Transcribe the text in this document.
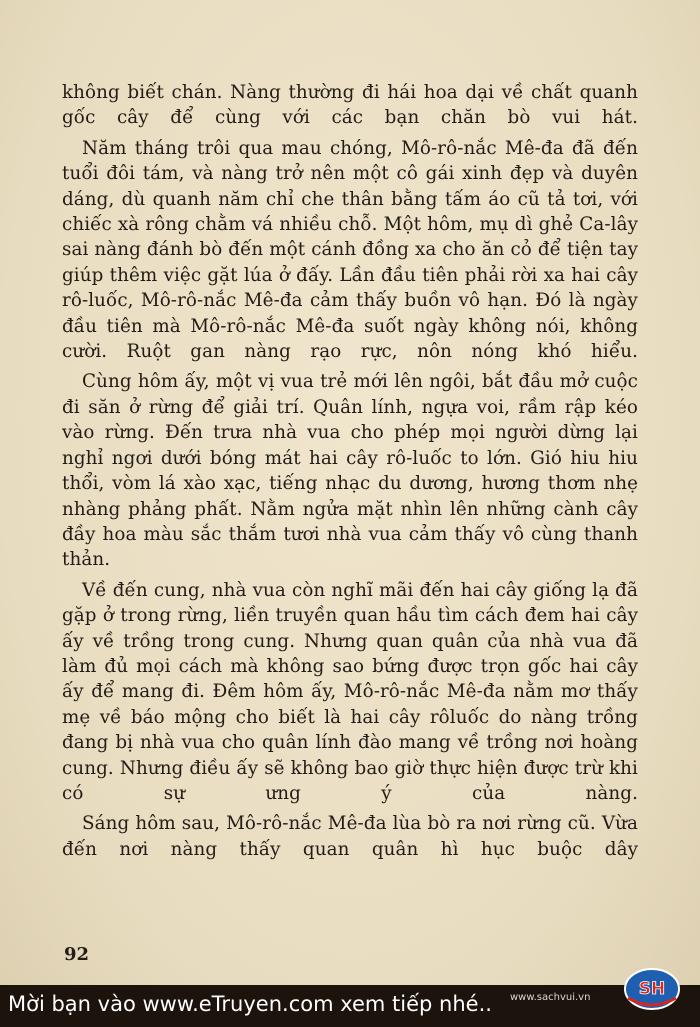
không biết chán. Nàng thường đi hái hoa dại về chất quanh gốc cây để cùng với các bạn chăn bò vui hát.

Năm tháng trôi qua mau chóng, Mô-rô-nắc Mê-đa đã đến tuổi đôi tám, và nàng trở nên một cô gái xinh đẹp và duyên dáng, dù quanh năm chỉ che thân bằng tấm áo cũ tả tơi, với chiếc xà rông chằm vá nhiều chỗ. Một hôm, mụ dì ghẻ Ca-lây sai nàng đánh bò đến một cánh đồng xa cho ăn cỏ để tiện tay giúp thêm việc gặt lúa ở đấy. Lần đầu tiên phải rời xa hai cây rô-luốc, Mô-rô-nắc Mê-đa cảm thấy buồn vô hạn. Đó là ngày đầu tiên mà Mô-rô-nắc Mê-đa suốt ngày không nói, không cười. Ruột gan nàng rạo rực, nôn nóng khó hiểu.

Cùng hôm ấy, một vị vua trẻ mới lên ngôi, bắt đầu mở cuộc đi săn ở rừng để giải trí. Quân lính, ngựa voi, rầm rập kéo vào rừng. Đến trưa nhà vua cho phép mọi người dừng lại nghỉ ngơi dưới bóng mát hai cây rô-luốc to lớn. Gió hiu hiu thổi, vòm lá xào xạc, tiếng nhạc du dương, hương thơm nhẹ nhàng phảng phất. Nằm ngửa mặt nhìn lên những cành cây đầy hoa màu sắc thắm tươi nhà vua cảm thấy vô cùng thanh thản.

Về đến cung, nhà vua còn nghĩ mãi đến hai cây giống lạ đã gặp ở trong rừng, liền truyền quan hầu tìm cách đem hai cây ấy về trồng trong cung. Nhưng quan quân của nhà vua đã làm đủ mọi cách mà không sao bứng được trọn gốc hai cây ấy để mang đi. Đêm hôm ấy, Mô-rô-nắc Mê-đa nằm mơ thấy mẹ về báo mộng cho biết là hai cây rôluốc do nàng trồng đang bị nhà vua cho quân lính đào mang về trồng nơi hoàng cung. Nhưng điều ấy sẽ không bao giờ thực hiện được trừ khi có sự ưng ý của nàng.

Sáng hôm sau, Mô-rô-nắc Mê-đa lùa bò ra nơi rừng cũ. Vừa đến nơi nàng thấy quan quân hì hục buộc dây

92
Mời bạn vào www.eTruyen.com xem tiếp nhé.. www.sachvui.vn	SH
